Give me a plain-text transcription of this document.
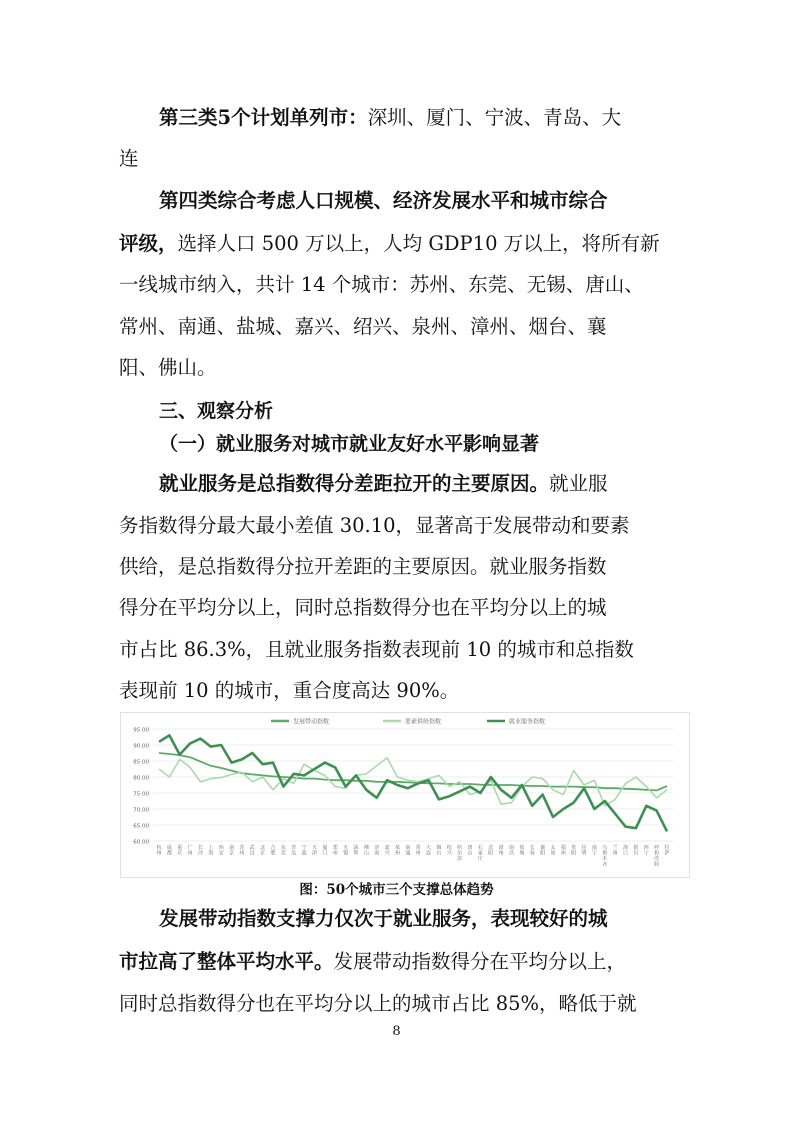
第三类5个计划单列市：深圳、厦门、宁波、青岛、大
连
第四类综合考虑人口规模、经济发展水平和城市综合
评级，选择人口 500 万以上，人均 GDP10 万以上，将所有新
一线城市纳入，共计 14 个城市：苏州、东莞、无锡、唐山、
常州、南通、盐城、嘉兴、绍兴、泉州、漳州、烟台、襄
阳、佛山。
三、观察分析
（一）就业服务对城市就业友好水平影响显著
就业服务是总指数得分差距拉开的主要原因。就业服
务指数得分最大最小差值 30.10，显著高于发展带动和要素
供给，是总指数得分拉开差距的主要原因。就业服务指数
得分在平均分以上，同时总指数得分也在平均分以上的城
市占比 86.3%，且就业服务指数表现前 10 的城市和总指数
表现前 10 的城市，重合度高达 90%。
95.00
90.00
85.00
80.00
75.00
70.00
65.00
60.00
杭州
成都
重庆
广州
长沙
上海
西安
南京
苏州
武汉
北京
合肥
东莞
青岛
宁波
天津
厦门
郑州
无锡
深圳
佛山
济南
嘉兴
泉州
南通
常州
大连
烟台
绍兴
哈尔滨
唐山
石家庄
沈阳
漳州
南昌
盐城
长春
襄阳
太原
福州
贵阳
昆明
南宁
乌鲁木齐
兰州
海口
银川
西宁
呼和浩特
拉萨
发展带动指数	要素供给指数	就业服务指数
图：50个城市三个支撑总体趋势
发展带动指数支撑力仅次于就业服务，表现较好的城
市拉高了整体平均水平。发展带动指数得分在平均分以上，
同时总指数得分也在平均分以上的城市占比 85%，略低于就
8
